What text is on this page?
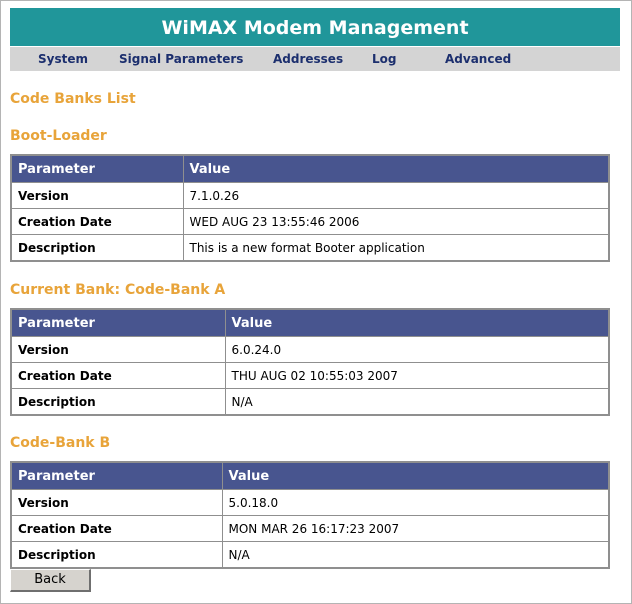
WiMAX Modem Management
System	Signal Parameters Addresses Log	Advanced
Code Banks List
Boot-Loader
Parameter	Value
Version	7.1.0.26
Creation Date	WED AUG 23 13:55:46 2006
Description	This is a new format Booter application
Current Bank: Code-Bank A
Parameter	Value
Version	6.0.24.0
Creation Date	THU AUG 02 10:55:03 2007
Description	N/A
Code-Bank B
Parameter	Value
Version	5.0.18.0
Creation Date	MON MAR 26 16:17:23 2007
Description	N/A
Back
